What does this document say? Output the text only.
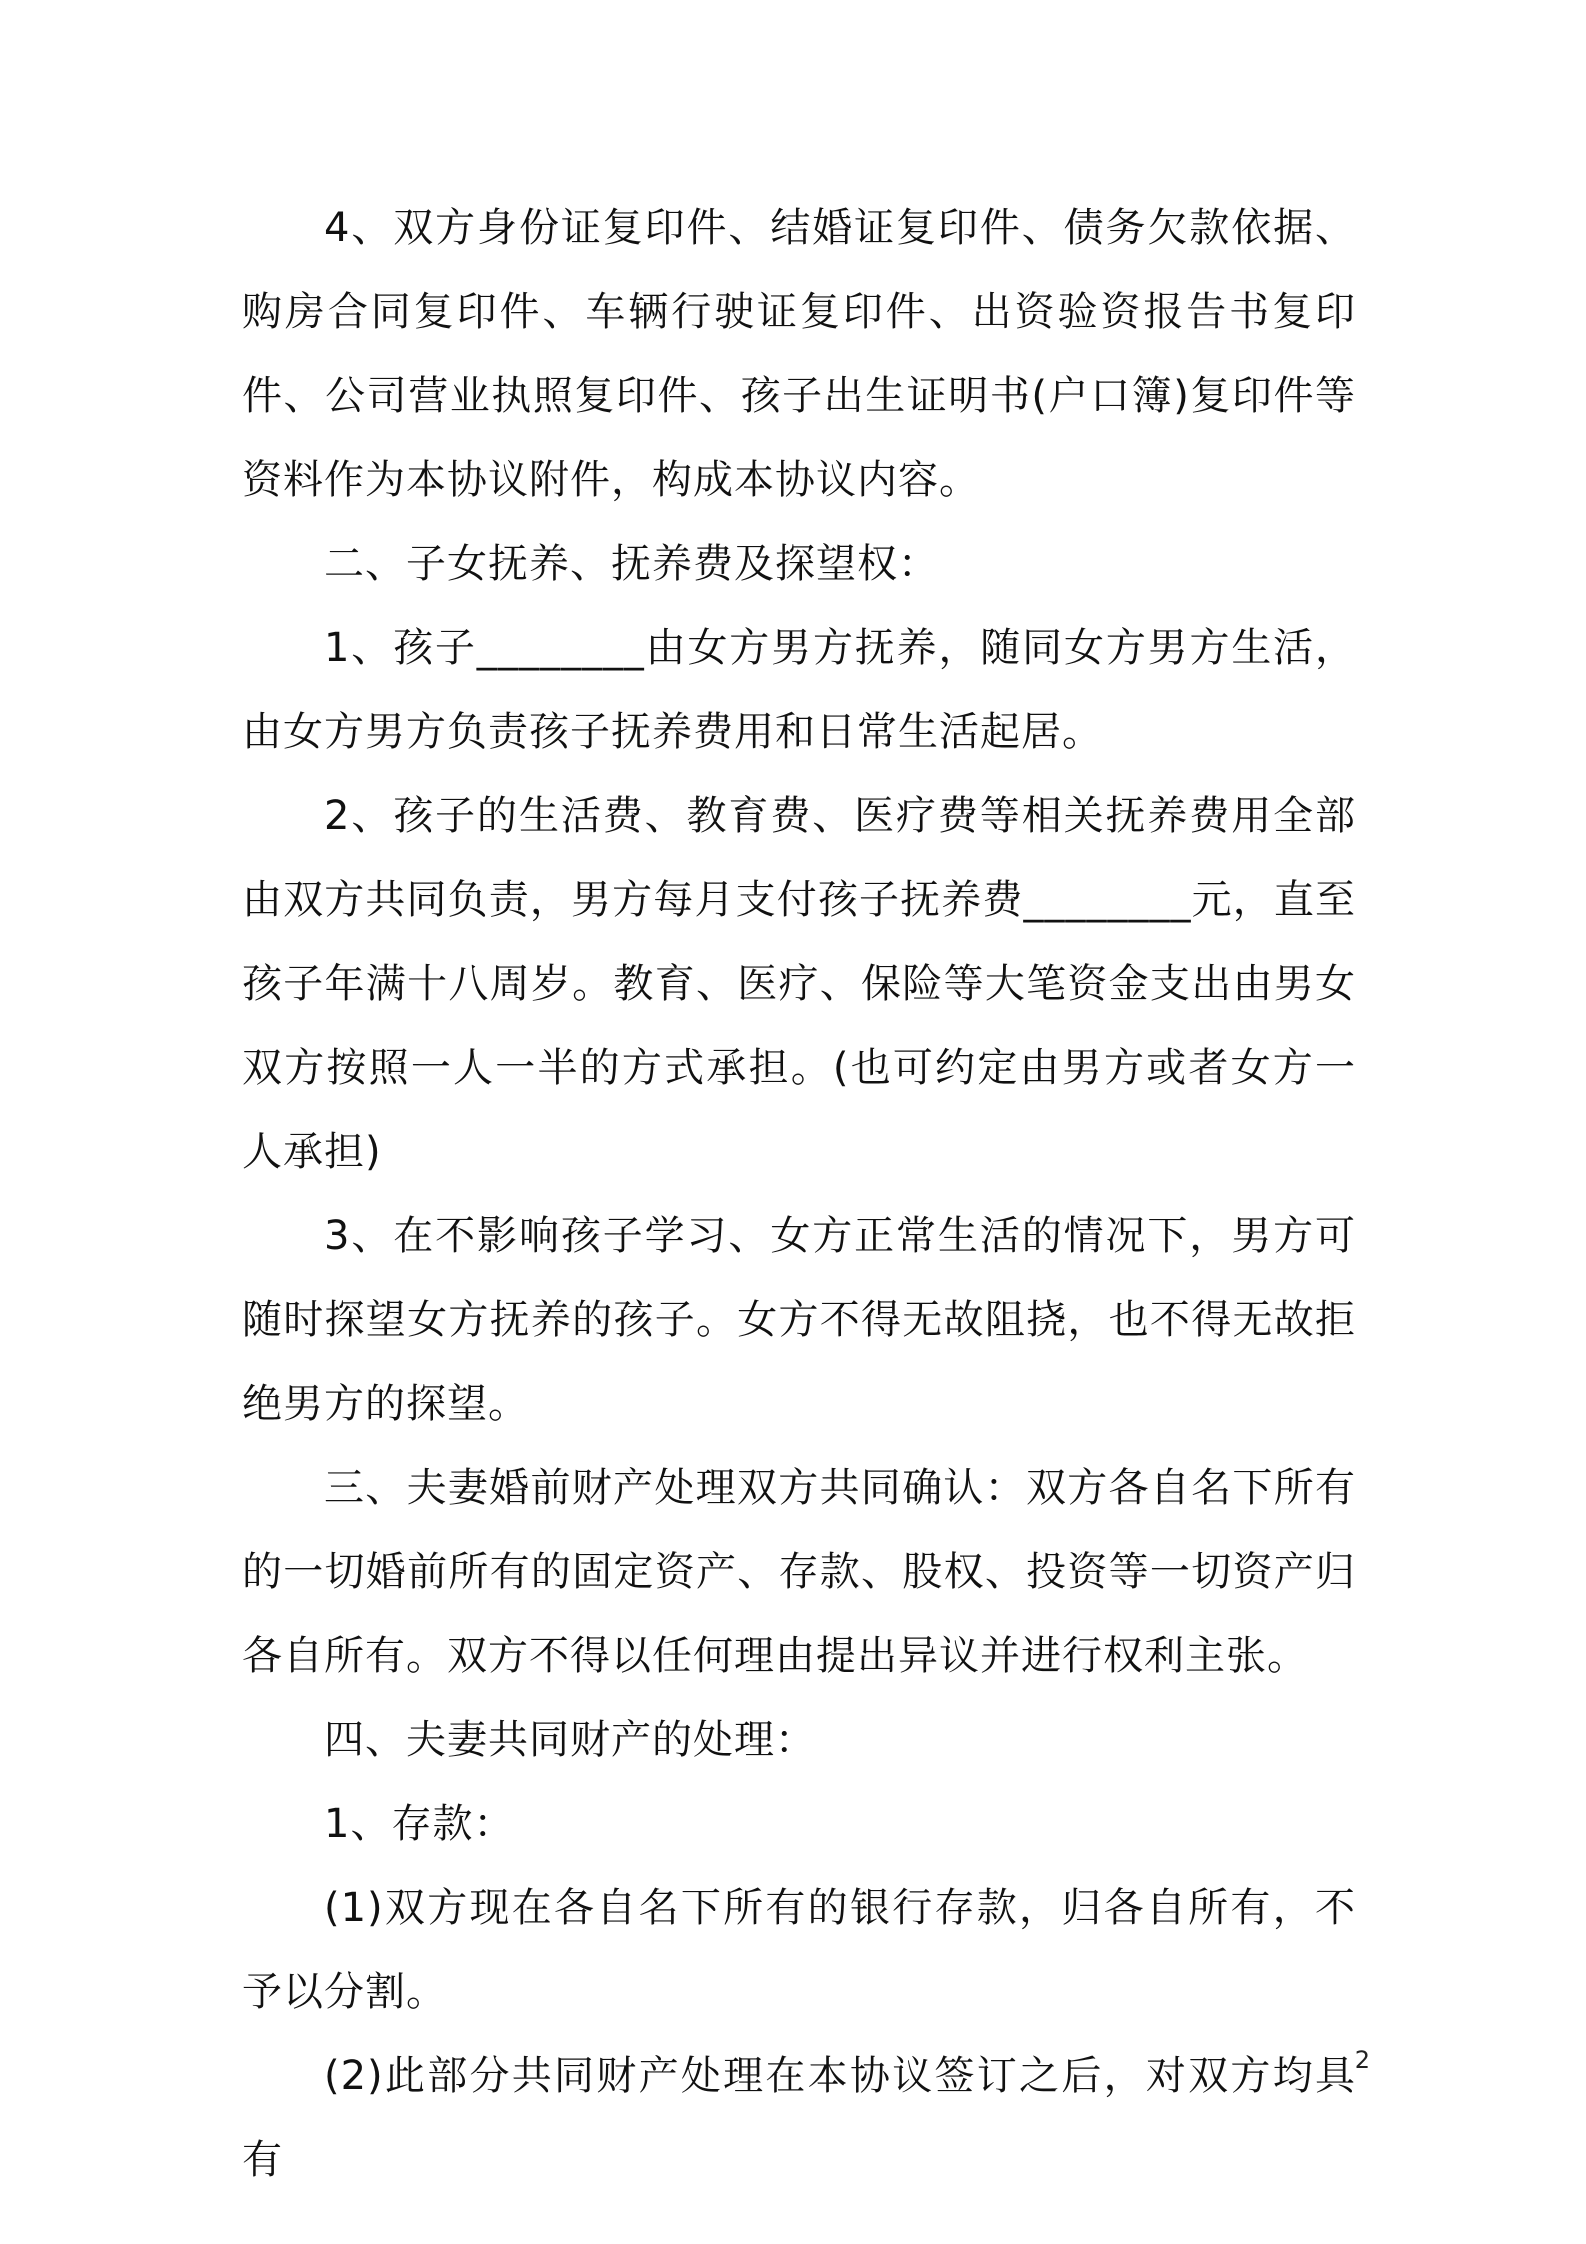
4、双方身份证复印件、结婚证复印件、债务欠款依据、购房合同复印件、车辆行驶证复印件、出资验资报告书复印件、公司营业执照复印件、孩子出生证明书(户口簿)复印件等资料作为本协议附件，构成本协议内容。

二、子女抚养、抚养费及探望权：

1、孩子________由女方男方抚养，随同女方男方生活，由女方男方负责孩子抚养费用和日常生活起居。

2、孩子的生活费、教育费、医疗费等相关抚养费用全部由双方共同负责，男方每月支付孩子抚养费________元，直至孩子年满十八周岁。教育、医疗、保险等大笔资金支出由男女双方按照一人一半的方式承担。(也可约定由男方或者女方一人承担)

3、在不影响孩子学习、女方正常生活的情况下，男方可随时探望女方抚养的孩子。女方不得无故阻挠，也不得无故拒绝男方的探望。

三、夫妻婚前财产处理双方共同确认：双方各自名下所有的一切婚前所有的固定资产、存款、股权、投资等一切资产归各自所有。双方不得以任何理由提出异议并进行权利主张。

四、夫妻共同财产的处理：

1、存款：

(1)双方现在各自名下所有的银行存款，归各自所有，不予以分割。

(2)此部分共同财产处理在本协议签订之后，对双方均具有

2
